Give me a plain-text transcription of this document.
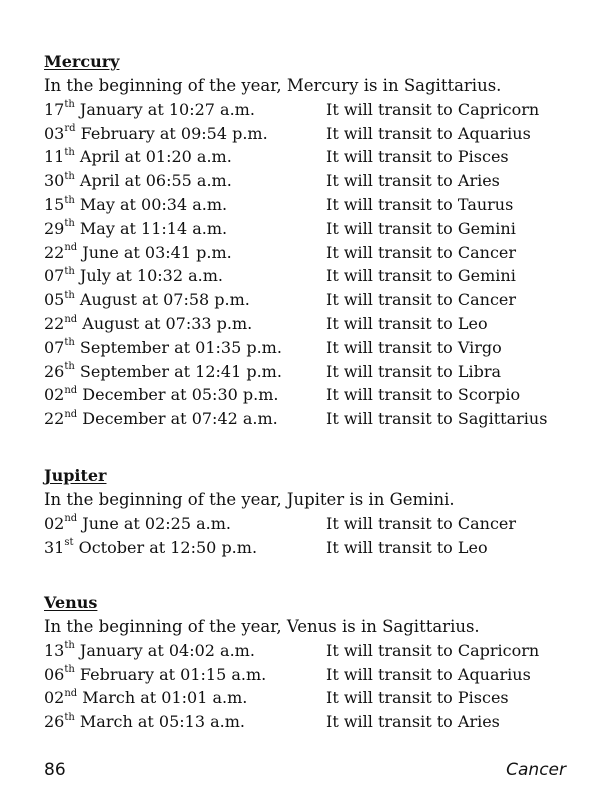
Mercury
In the beginning of the year, Mercury is in Sagittarius.
17th January at 10:27 a.m.	It will transit to Capricorn
03rd February at 09:54 p.m.	It will transit to Aquarius
11th April at 01:20 a.m.	It will transit to Pisces
30th April at 06:55 a.m.	It will transit to Aries
15th May at 00:34 a.m.	It will transit to Taurus
29th May at 11:14 a.m.	It will transit to Gemini
22nd June at 03:41 p.m.	It will transit to Cancer
07th July at 10:32 a.m.	It will transit to Gemini
05th August at 07:58 p.m.	It will transit to Cancer
22nd August at 07:33 p.m.	It will transit to Leo
07th September at 01:35 p.m.	It will transit to Virgo
26th September at 12:41 p.m.	It will transit to Libra
02nd December at 05:30 p.m.	It will transit to Scorpio
22nd December at 07:42 a.m.	It will transit to Sagittarius
Jupiter
In the beginning of the year, Jupiter is in Gemini.
02nd June at 02:25 a.m.	It will transit to Cancer
31st October at 12:50 p.m.	It will transit to Leo
Venus
In the beginning of the year, Venus is in Sagittarius.
13th January at 04:02 a.m.	It will transit to Capricorn
06th February at 01:15 a.m.	It will transit to Aquarius
02nd March at 01:01 a.m.	It will transit to Pisces
26th March at 05:13 a.m.	It will transit to Aries
86	Cancer
